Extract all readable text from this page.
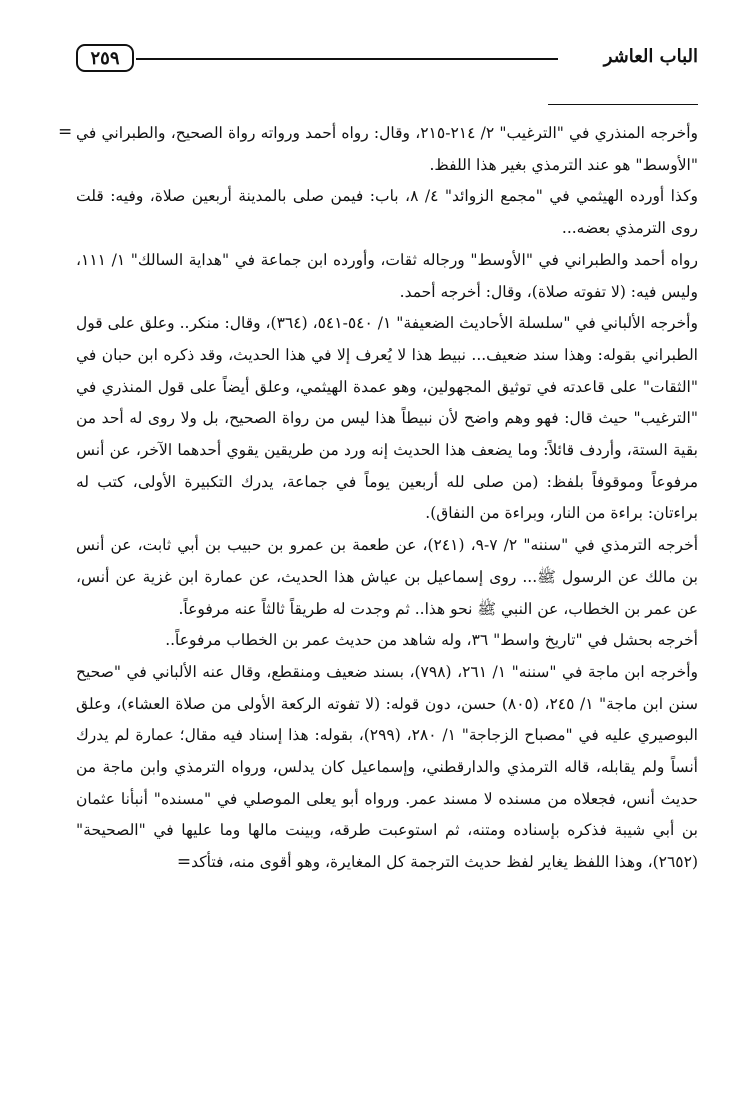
الباب العاشر
٢٥٩
= وأخرجه المنذري في "الترغيب" ٢/ ٢١٤-٢١٥، وقال: رواه أحمد ورواته رواة الصحيح، والطبراني في "الأوسط" هو عند الترمذي بغير هذا اللفظ.

وكذا أورده الهيثمي في "مجمع الزوائد" ٤/ ٨، باب: فيمن صلى بالمدينة أربعين صلاة، وفيه: قلت روى الترمذي بعضه...

رواه أحمد والطبراني في "الأوسط" ورجاله ثقات، وأورده ابن جماعة في "هداية السالك" ١/ ١١١، وليس فيه: (لا تفوته صلاة)، وقال: أخرجه أحمد.

وأخرجه الألباني في "سلسلة الأحاديث الضعيفة" ١/ ٥٤٠-٥٤١، (٣٦٤)، وقال: منكر.. وعلق على قول الطبراني بقوله: وهذا سند ضعيف... نبيط هذا لا يُعرف إلا في هذا الحديث، وقد ذكره ابن حبان في "الثقات" على قاعدته في توثيق المجهولين، وهو عمدة الهيثمي، وعلق أيضاً على قول المنذري في "الترغيب" حيث قال: فهو وهم واضح لأن نبيطاً هذا ليس من رواة الصحيح، بل ولا روى له أحد من بقية الستة، وأردف قائلاً: وما يضعف هذا الحديث إنه ورد من طريقين يقوي أحدهما الآخر، عن أنس مرفوعاً وموقوفاً بلفظ: (من صلى لله أربعين يوماً في جماعة، يدرك التكبيرة الأولى، كتب له براءتان: براءة من النار، وبراءة من النفاق).

أخرجه الترمذي في "سننه" ٢/ ٧-٩، (٢٤١)، عن طعمة بن عمرو بن حبيب بن أبي ثابت، عن أنس بن مالك عن الرسول ﷺ... روى إسماعيل بن عياش هذا الحديث، عن عمارة ابن غزية عن أنس، عن عمر بن الخطاب، عن النبي ﷺ نحو هذا.. ثم وجدت له طريقاً ثالثاً عنه مرفوعاً.

أخرجه بحشل في "تاريخ واسط" ٣٦، وله شاهد من حديث عمر بن الخطاب مرفوعاً..

وأخرجه ابن ماجة في "سننه" ١/ ٢٦١، (٧٩٨)، بسند ضعيف ومنقطع، وقال عنه الألباني في "صحيح سنن ابن ماجة" ١/ ٢٤٥، (٨٠٥) حسن، دون قوله: (لا تفوته الركعة الأولى من صلاة العشاء)، وعلق البوصيري عليه في "مصباح الزجاجة" ١/ ٢٨٠، (٢٩٩)، بقوله: هذا إسناد فيه مقال؛ عمارة لم يدرك أنساً ولم يقابله، قاله الترمذي والدارقطني، وإسماعيل كان يدلس، ورواه الترمذي وابن ماجة من حديث أنس، فجعلاه من مسنده لا مسند عمر. ورواه أبو يعلى الموصلي في "مسنده" أنبأنا عثمان بن أبي شيبة فذكره بإسناده ومتنه، ثم استوعبت طرقه، وبينت مالها وما عليها في "الصحيحة" (٢٦٥٢)، وهذا اللفظ يغاير لفظ حديث الترجمة كل المغايرة، وهو أقوى منه، فتأكد=
